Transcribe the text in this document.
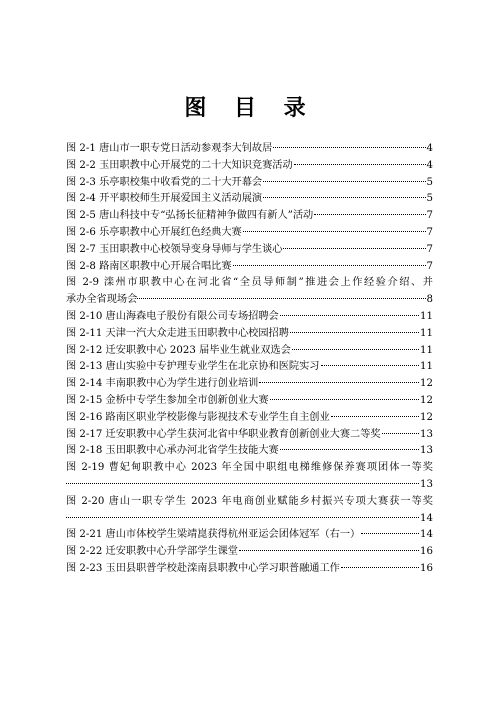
图 目 录
图 2-1 唐山市一职专党日活动参观李大钊故居	4
图 2-2 玉田职教中心开展党的二十大知识竞赛活动	4
图 2-3 乐亭职校集中收看党的二十大开幕会	5
图 2-4 开平职校师生开展爱国主义活动展演	5
图 2-5 唐山科技中专“弘扬长征精神争做四有新人”活动	7
图 2-6 乐亭职教中心开展红色经典大赛	7
图 2-7 玉田职教中心校领导变身导师与学生谈心	7
图 2-8 路南区职教中心开展合唱比赛	7
图 2-9 滦州市职教中心在河北省“全员导师制”推进会上作经验介绍、并
承办全省现场会	8
图 2-10 唐山海森电子股份有限公司专场招聘会	11
图 2-11 天津一汽大众走进玉田职教中心校园招聘	11
图 2-12 迁安职教中心 2023 届毕业生就业双选会	11
图 2-13 唐山实验中专护理专业学生在北京协和医院实习	11
图 2-14 丰南职教中心为学生进行创业培训	12
图 2-15 金桥中专学生参加全市创新创业大赛	12
图 2-16 路南区职业学校影像与影视技术专业学生自主创业	12
图 2-17 迁安职教中心学生获河北省中华职业教育创新创业大赛二等奖	13
图 2-18 玉田职教中心承办河北省学生技能大赛	13
图 2-19 曹妃甸职教中心 2023 年全国中职组电梯维修保养赛项团体一等奖
13
图 2-20 唐山一职专学生 2023 年电商创业赋能乡村振兴专项大赛获一等奖
14
图 2-21 唐山市体校学生梁靖崑获得杭州亚运会团体冠军（右一）	14
图 2-22 迁安职教中心升学部学生课堂	16
图 2-23 玉田县职普学校赴滦南县职教中心学习职普融通工作	16
